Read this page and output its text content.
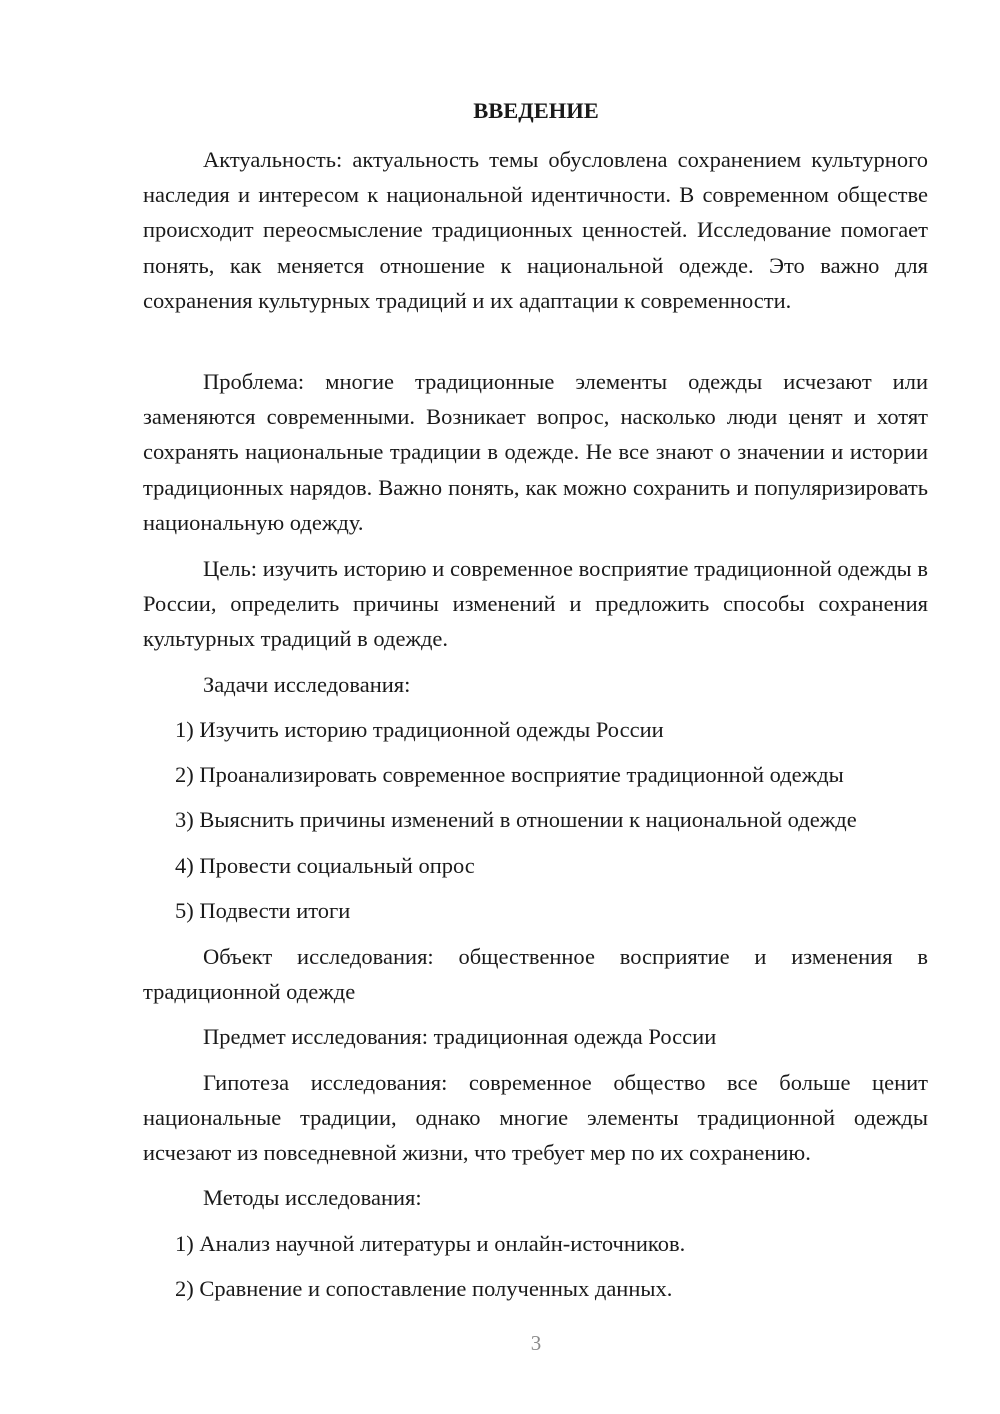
ВВЕДЕНИЕ

Актуальность: актуальность темы обусловлена сохранением культурного наследия и интересом к национальной идентичности. В современном обществе происходит переосмысление традиционных ценностей. Исследование помогает понять, как меняется отношение к национальной одежде. Это важно для сохранения культурных традиций и их адаптации к современности.

Проблема: многие традиционные элементы одежды исчезают или заменяются современными. Возникает вопрос, насколько люди ценят и хотят сохранять национальные традиции в одежде. Не все знают о значении и истории традиционных нарядов. Важно понять, как можно сохранить и популяризировать национальную одежду.

Цель: изучить историю и современное восприятие традиционной одежды в России, определить причины изменений и предложить способы сохранения культурных традиций в одежде.

Задачи исследования:
1) Изучить историю традиционной одежды России
2) Проанализировать современное восприятие традиционной одежды
3) Выяснить причины изменений в отношении к национальной одежде
4) Провести социальный опрос
5) Подвести итоги

Объект исследования: общественное восприятие и изменения в традиционной одежде

Предмет исследования: традиционная одежда России

Гипотеза исследования: современное общество все больше ценит национальные традиции, однако многие элементы традиционной одежды исчезают из повседневной жизни, что требует мер по их сохранению.

Методы исследования:
1) Анализ научной литературы и онлайн-источников.
2) Сравнение и сопоставление полученных данных.
3
